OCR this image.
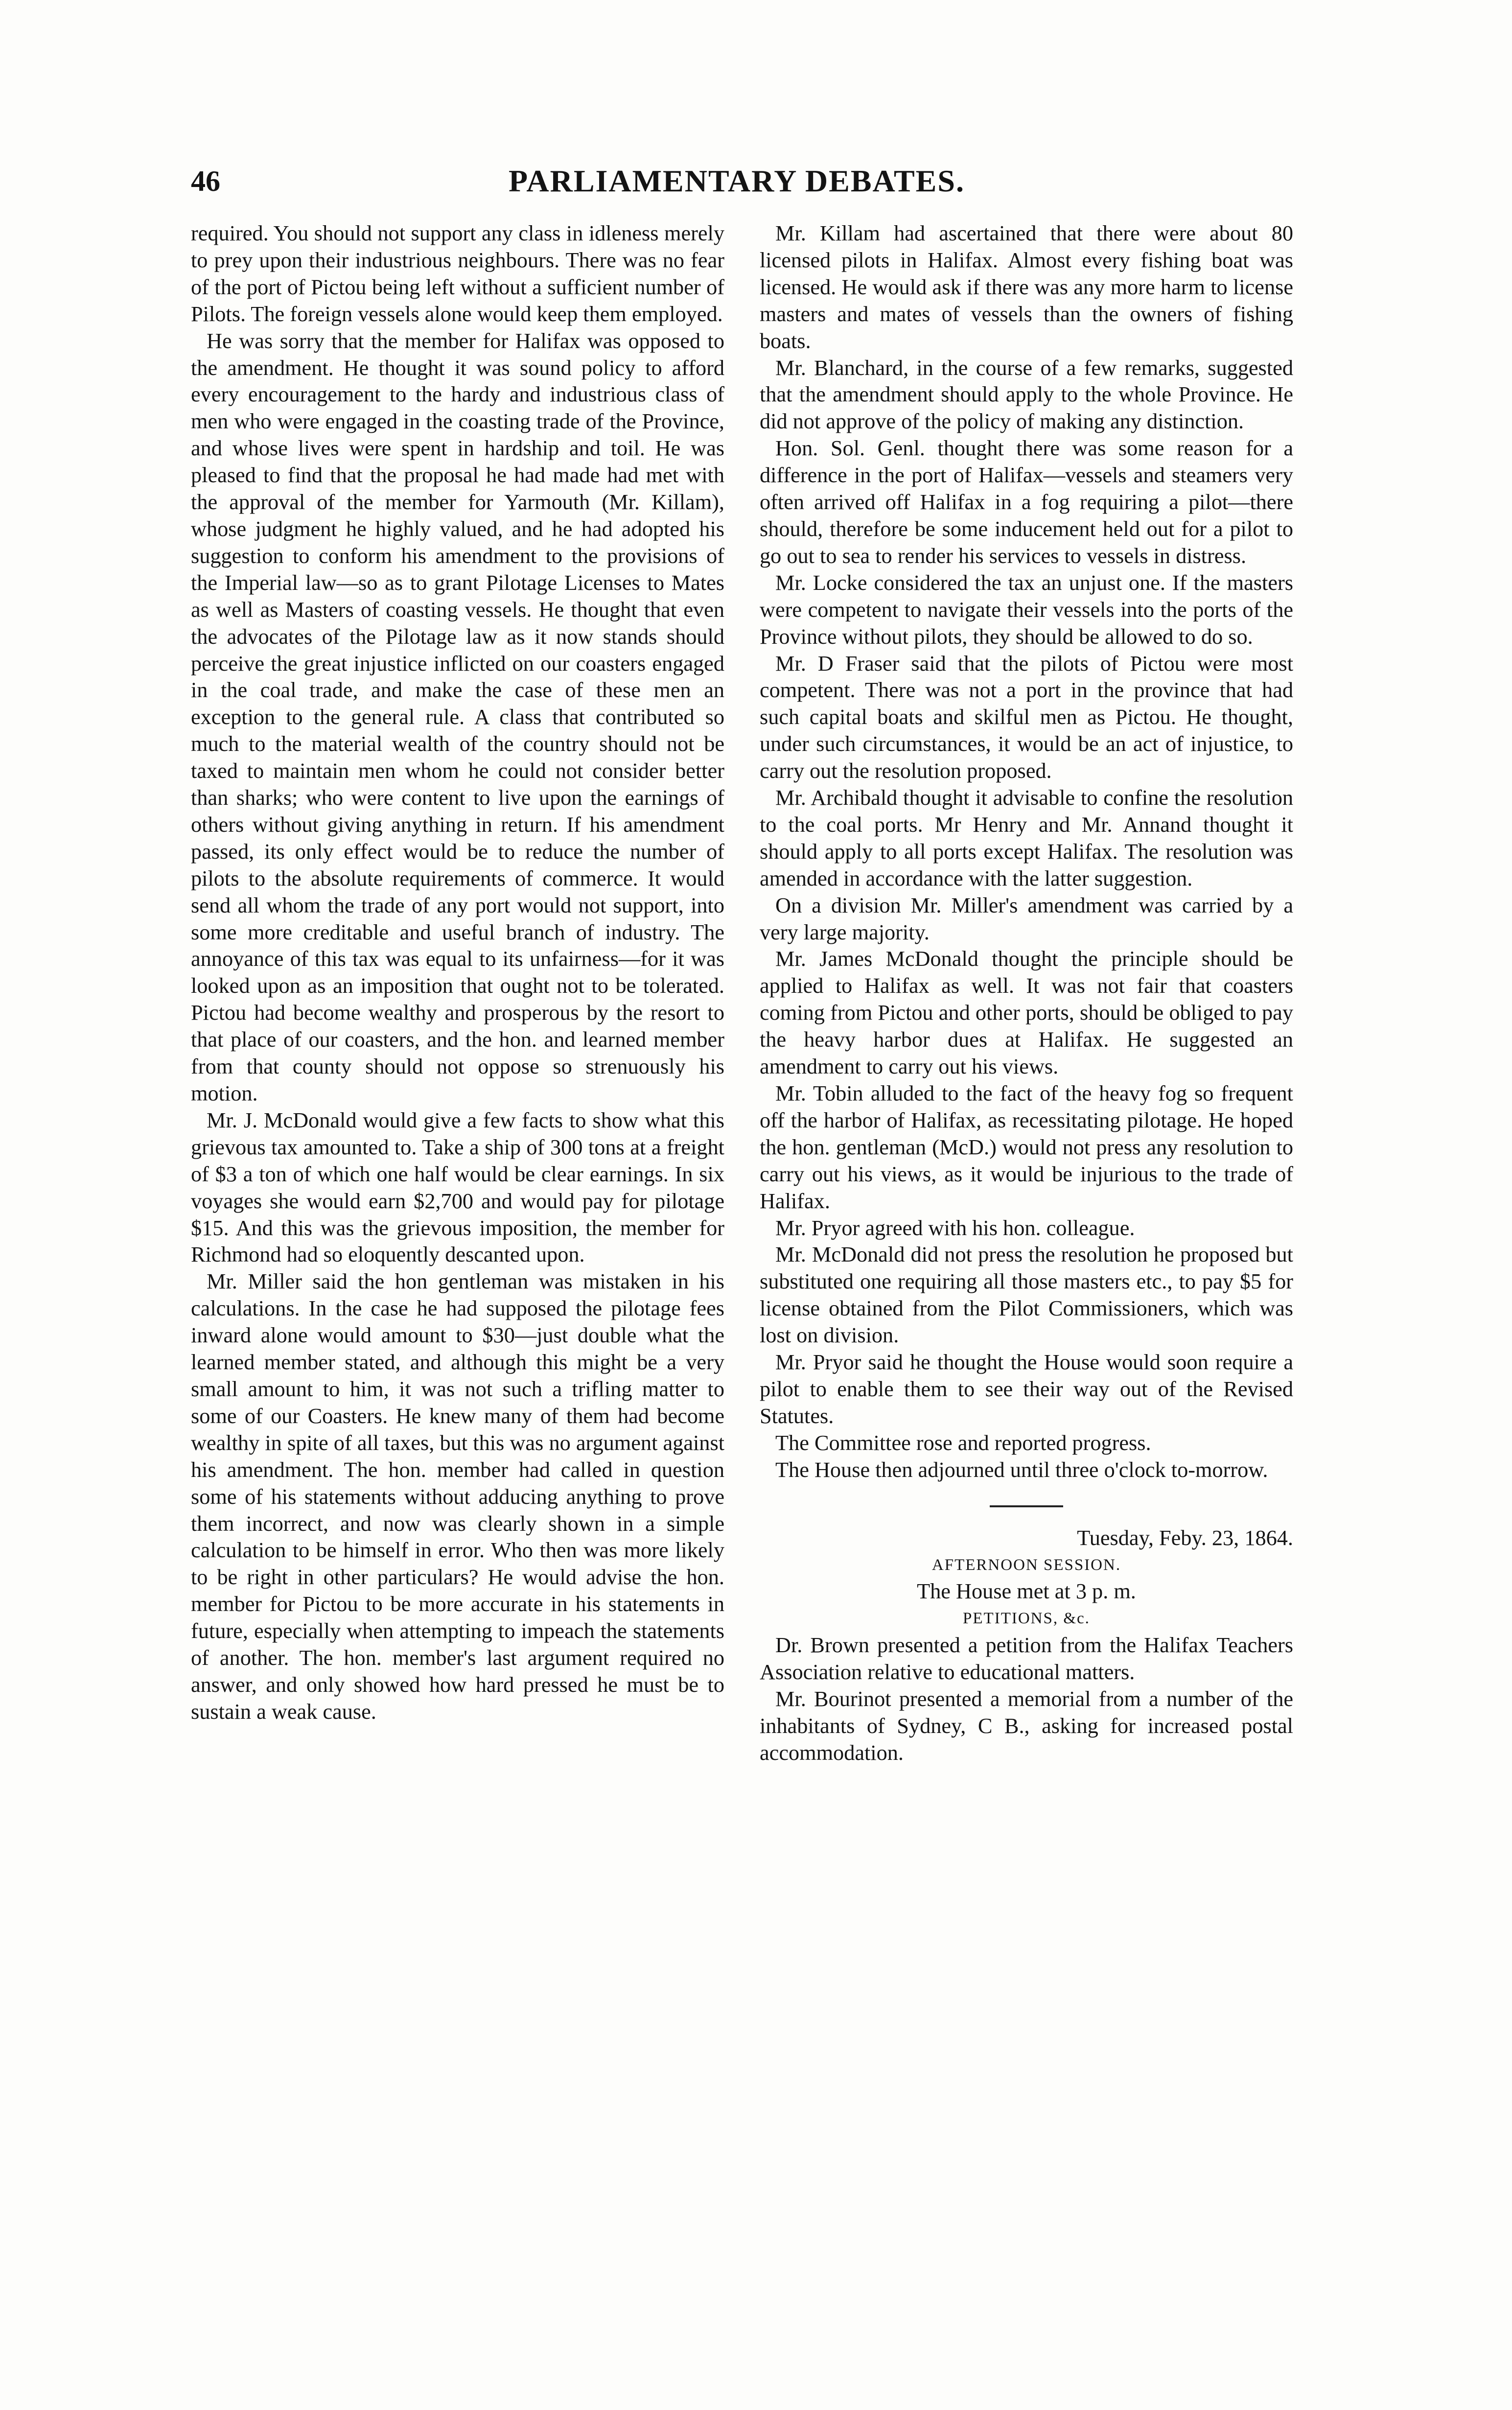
46	PARLIAMENTARY DEBATES.

required. You should not support any class in idleness merely to prey upon their industrious neighbours. There was no fear of the port of Pictou being left without a sufficient number of Pilots. The foreign vessels alone would keep them employed.

He was sorry that the member for Halifax was opposed to the amendment. He thought it was sound policy to afford every encouragement to the hardy and industrious class of men who were engaged in the coasting trade of the Province, and whose lives were spent in hardship and toil. He was pleased to find that the proposal he had made had met with the approval of the member for Yarmouth (Mr. Killam), whose judgment he highly valued, and he had adopted his suggestion to conform his amendment to the provisions of the Imperial law—so as to grant Pilotage Licenses to Mates as well as Masters of coasting vessels. He thought that even the advocates of the Pilotage law as it now stands should perceive the great injustice inflicted on our coasters engaged in the coal trade, and make the case of these men an exception to the general rule. A class that contributed so much to the material wealth of the country should not be taxed to maintain men whom he could not consider better than sharks; who were content to live upon the earnings of others without giving anything in return. If his amendment passed, its only effect would be to reduce the number of pilots to the absolute requirements of commerce. It would send all whom the trade of any port would not support, into some more creditable and useful branch of industry. The annoyance of this tax was equal to its unfairness—for it was looked upon as an imposition that ought not to be tolerated. Pictou had become wealthy and prosperous by the resort to that place of our coasters, and the hon. and learned member from that county should not oppose so strenuously his motion.

Mr. J. McDonald would give a few facts to show what this grievous tax amounted to. Take a ship of 300 tons at a freight of $3 a ton of which one half would be clear earnings. In six voyages she would earn $2,700 and would pay for pilotage $15. And this was the grievous imposition, the member for Richmond had so eloquently descanted upon.

Mr. Miller said the hon gentleman was mistaken in his calculations. In the case he had supposed the pilotage fees inward alone would amount to $30—just double what the learned member stated, and although this might be a very small amount to him, it was not such a trifling matter to some of our Coasters. He knew many of them had become wealthy in spite of all taxes, but this was no argument against his amendment. The hon. member had called in question some of his statements without adducing anything to prove them incorrect, and now was clearly shown in a simple calculation to be himself in error. Who then was more likely to be right in other particulars? He would advise the hon. member for Pictou to be more accurate in his statements in future, especially when attempting to impeach the statements of another. The hon. member's last argument required no answer, and only showed how hard pressed he must be to sustain a weak cause.

Mr. Killam had ascertained that there were about 80 licensed pilots in Halifax. Almost every fishing boat was licensed. He would ask if there was any more harm to license masters and mates of vessels than the owners of fishing boats.

Mr. Blanchard, in the course of a few remarks, suggested that the amendment should apply to the whole Province. He did not approve of the policy of making any distinction.

Hon. Sol. Genl. thought there was some reason for a difference in the port of Halifax—vessels and steamers very often arrived off Halifax in a fog requiring a pilot—there should, therefore be some inducement held out for a pilot to go out to sea to render his services to vessels in distress.

Mr. Locke considered the tax an unjust one. If the masters were competent to navigate their vessels into the ports of the Province without pilots, they should be allowed to do so.

Mr. D Fraser said that the pilots of Pictou were most competent. There was not a port in the province that had such capital boats and skilful men as Pictou. He thought, under such circumstances, it would be an act of injustice, to carry out the resolution proposed.

Mr. Archibald thought it advisable to confine the resolution to the coal ports. Mr Henry and Mr. Annand thought it should apply to all ports except Halifax. The resolution was amended in accordance with the latter suggestion.

On a division Mr. Miller's amendment was carried by a very large majority.

Mr. James McDonald thought the principle should be applied to Halifax as well. It was not fair that coasters coming from Pictou and other ports, should be obliged to pay the heavy harbor dues at Halifax. He suggested an amendment to carry out his views.

Mr. Tobin alluded to the fact of the heavy fog so frequent off the harbor of Halifax, as recessitating pilotage. He hoped the hon. gentleman (McD.) would not press any resolution to carry out his views, as it would be injurious to the trade of Halifax.

Mr. Pryor agreed with his hon. colleague.

Mr. McDonald did not press the resolution he proposed but substituted one requiring all those masters etc., to pay $5 for license obtained from the Pilot Commissioners, which was lost on division.

Mr. Pryor said he thought the House would soon require a pilot to enable them to see their way out of the Revised Statutes.

The Committee rose and reported progress.

The House then adjourned until three o'clock to-morrow.

Tuesday, Feby. 23, 1864.

AFTERNOON SESSION.

The House met at 3 p. m.

PETITIONS, &c.

Dr. Brown presented a petition from the Halifax Teachers Association relative to educational matters.

Mr. Bourinot presented a memorial from a number of the inhabitants of Sydney, C B., asking for increased postal accommodation.
